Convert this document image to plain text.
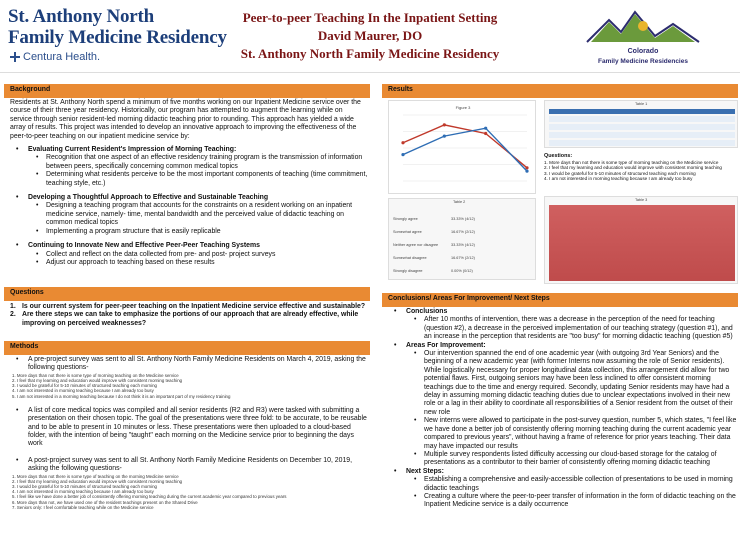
St. Anthony North
Family Medicine Residency
Centura Health.
Peer-to-peer Teaching In the Inpatient Setting
David Maurer, DO
St. Anthony North Family Medicine Residency	Colorado
Family Medicine Residencies
Background
Residents at St. Anthony North spend a minimum of five months working on our Inpatient Medicine service over the course of their three year residency. Historically, our program has attempted to augment the learning while on service through senior resident-led morning didactic teaching prior to rounding. This approach has yielded a wide array of results. This project was intended to develop an innovative approach to improving the effectiveness of the peer-to-peer teaching on our inpatient medicine service by:
•	Evaluating Current Resident's Impression of Morning Teaching:
•	Recognition that one aspect of an effective residency training program is the transmission of information between peers, specifically concerning common medical topics
•	Determining what residents perceive to be the most important components of teaching (time commitment, teaching style, etc.)
•	Developing a Thoughtful Approach to Effective and Sustainable Teaching
•	Designing a teaching program that accounts for the constraints on a resident working on an inpatient medicine service, namely- time, mental bandwidth and the perceived value of didactic teaching on common medical topics
•	Implementing a program structure that is easily replicable
•	Continuing to Innovate New and Effective Peer-Peer Teaching Systems
•	Collect and reflect on the data collected from pre- and post- project surveys
•	Adjust our approach to teaching based on these results
Questions
1. Is our current system for peer-peer teaching on the Inpatient Medicine service effective and sustainable?
2. Are there steps we can take to emphasize the portions of our approach that are already effective, while improving on perceived weaknesses?
Methods
•	A pre-project survey was sent to all St. Anthony North Family Medicine Residents on March 4, 2019, asking the following questions-
1. More days than not there is some type of morning teaching on the Medicine service
2. I feel that my learning and education would improve with consistent morning teaching
3. I would be grateful for 5-10 minutes of structured teaching each morning
4. I am not interested in morning teaching because I am already too busy
5. I am not interested in a morning teaching because I do not think it is an important part of my residency training
•	A list of core medical topics was compiled and all senior residents (R2 and R3) were tasked with submitting a presentation on their chosen topic. The goal of the presentations were three fold: to be accurate, to be reusable and to be able to present in 10 minutes or less. These presentations were then uploaded to a cloud-based folder, with the intention of being "taught" each morning on the Medicine service prior to beginning the days work
•	A post-project survey was sent to all St. Anthony North Family Medicine Residents on December 10, 2019, asking the following questions-
1. More days than not there is some type of teaching on the morning Medicine service
2. I feel that my learning and education would improve with consistent morning teaching
3. I would be grateful for 5-10 minutes of structured teaching each morning
4. I am not interested in morning teaching because I am already too busy
5. I feel like we have done a better job of consistently offering morning teaching during the current academic year compared to previous years
6. More days than not, we have used one of the resident teachings present on the Shared Drive
7. Seniors only: I feel comfortable teaching while on the Medicine service
Results
Figure 3
Table 1
Questions:
1. More days than not there is some type of morning teaching on the Medicine service
2. I feel that my learning and education would improve with consistent morning teaching
3. I would be grateful for 5-10 minutes of structured teaching each morning
4. I am not interested in morning teaching because I am already too busy
Table 2
Strongly agree	33.33% (4/12)
Somewhat agree	16.67% (2/12)
Neither agree nor disagree	33.33% (4/12)
Somewhat disagree	16.67% (2/12)
Strongly disagree	0.00% (0/12)
Table 3
Conclusions/ Areas For Improvement/ Next Steps
•	Conclusions
•	After 10 months of intervention, there was a decrease in the perception of the need for teaching (question #2), a decrease in the perceived implementation of our teaching strategy (question #1), and an increase in the perception that residents are "too busy" for morning didactic teaching (question #5)
•	Areas For Improvement:
•	Our intervention spanned the end of one academic year (with outgoing 3rd Year Seniors) and the beginning of a new academic year (with former Interns now assuming the role of Senior residents). While logistically necessary for proper longitudinal data collection, this arrangement did allow for two potential flaws. First, outgoing seniors may have been less inclined to offer consistent morning teachings due to the time and energy required. Secondly, updating Senior residents may have had a delay in assuming morning didactic teaching duties due to unclear expectations involved in their new role or a lag in their ability to coordinate all responsibilities of a Senior resident from the outset of their new role
•	New interns were allowed to participate in the post-survey question, number 5, which states, "I feel like we have done a better job of consistently offering morning teaching during the current academic year compared to previous years", without having a frame of reference for prior years teaching. Their data may have impacted our results
•	Multiple survey respondents listed difficulty accessing our cloud-based storage for the catalog of presentations as a contributor to their barrier of consistently offering morning didactic teaching
•	Next Steps:
•	Establishing a comprehensive and easily-accessible collection of presentations to be used in morning didactic teachings
•	Creating a culture where the peer-to-peer transfer of information in the form of didactic teaching on the Inpatient Medicine service is a daily occurrence
